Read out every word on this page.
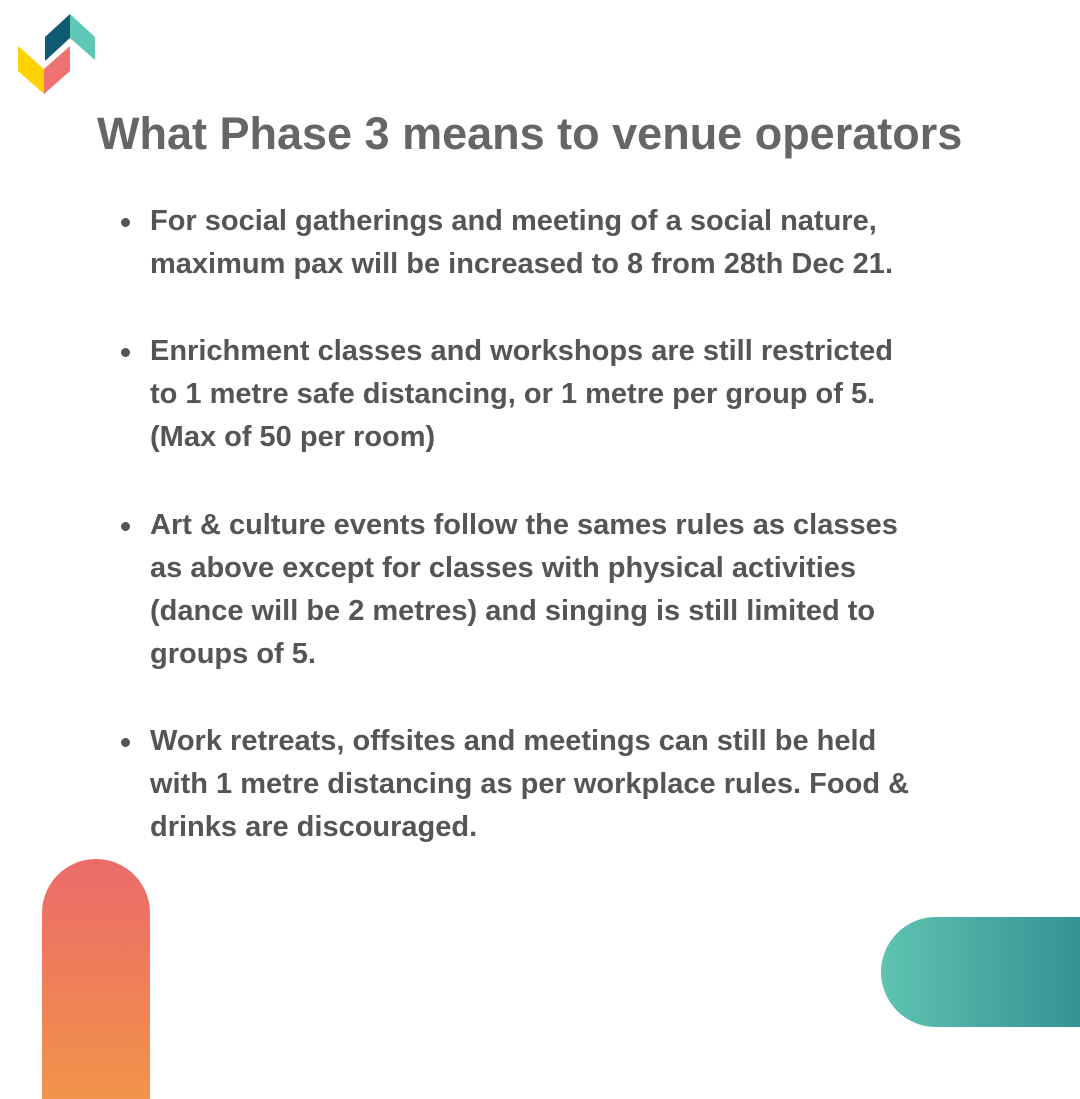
What Phase 3 means to venue operators
For social gatherings and meeting of a social nature,
maximum pax will be increased to 8 from 28th Dec 21.
Enrichment classes and workshops are still restricted
to 1 metre safe distancing, or 1 metre per group of 5.
(Max of 50 per room)
Art & culture events follow the sames rules as classes
as above except for classes with physical activities
(dance will be 2 metres) and singing is still limited to
groups of 5.
Work retreats, offsites and meetings can still be held
with 1 metre distancing as per workplace rules. Food &
drinks are discouraged.
